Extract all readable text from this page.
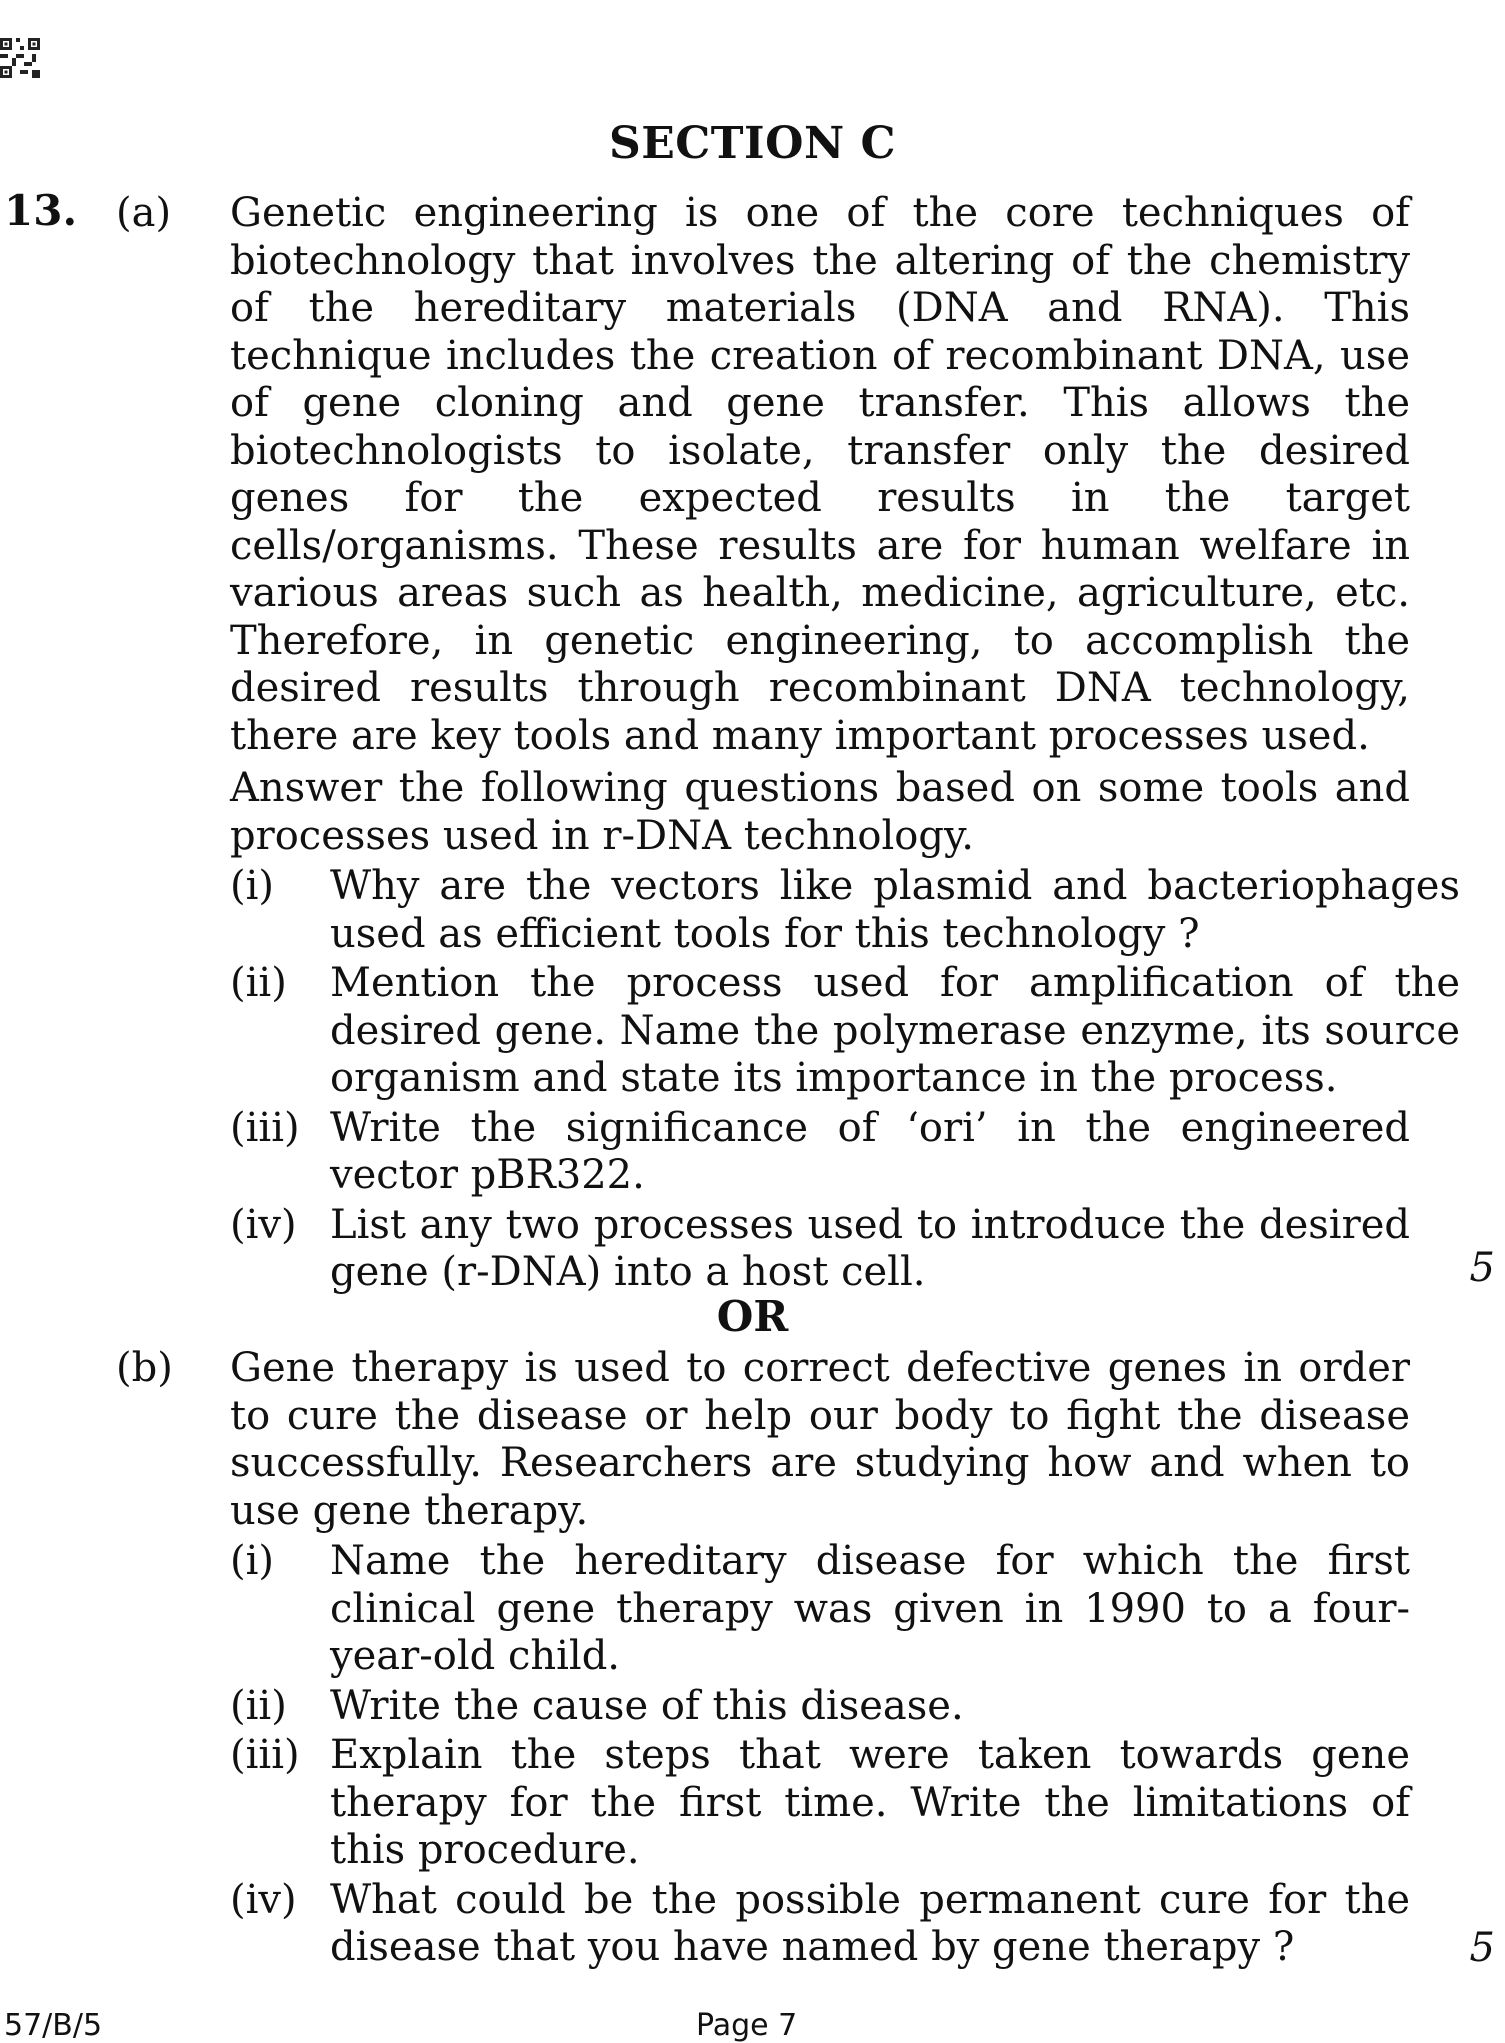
SECTION C
13. (a) Genetic engineering is one of the core techniques of biotechnology that involves the altering of the chemistry of the hereditary materials (DNA and RNA). This technique includes the creation of recombinant DNA, use of gene cloning and gene transfer. This allows the biotechnologists to isolate, transfer only the desired genes for the expected results in the target cells/organisms. These results are for human welfare in various areas such as health, medicine, agriculture, etc. Therefore, in genetic engineering, to accomplish the desired results through recombinant DNA technology, there are key tools and many important processes used.
Answer the following questions based on some tools and processes used in r-DNA technology.
(i)	Why are the vectors like plasmid and bacteriophages used as efficient tools for this technology ?
(ii)	Mention the process used for amplification of the desired gene. Name the polymerase enzyme, its source organism and state its importance in the process.
(iii) Write the significance of ‘ori’ in the engineered vector pBR322.
(iv) List any two processes used to introduce the desired gene (r-DNA) into a host cell.	5
OR
(b) Gene therapy is used to correct defective genes in order to cure the disease or help our body to fight the disease successfully. Researchers are studying how and when to use gene therapy.
(i)	Name the hereditary disease for which the first clinical gene therapy was given in 1990 to a four-year-old child.
(ii)	Write the cause of this disease.
(iii) Explain the steps that were taken towards gene therapy for the first time. Write the limitations of this procedure.
(iv) What could be the possible permanent cure for the disease that you have named by gene therapy ?	5
57/B/5	Page 7
